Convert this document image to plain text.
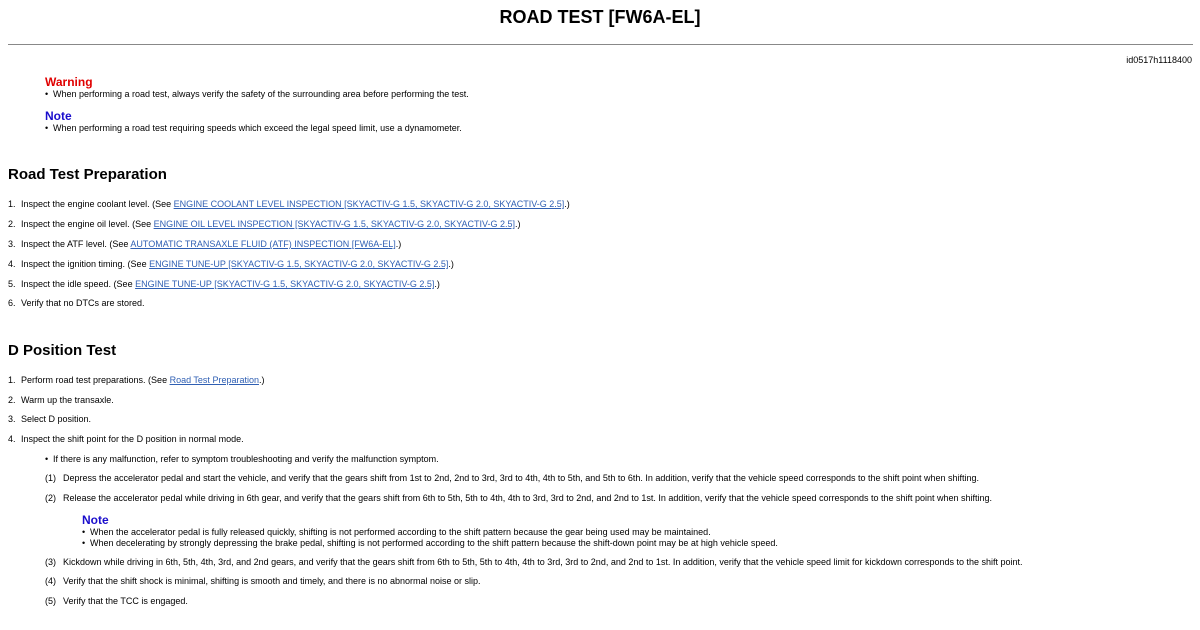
ROAD TEST [FW6A-EL]
id0517h1118400
Warning
• When performing a road test, always verify the safety of the surrounding area before performing the test.
Note
• When performing a road test requiring speeds which exceed the legal speed limit, use a dynamometer.
Road Test Preparation
1. Inspect the engine coolant level. (See ENGINE COOLANT LEVEL INSPECTION [SKYACTIV-G 1.5, SKYACTIV-G 2.0, SKYACTIV-G 2.5].)
2. Inspect the engine oil level. (See ENGINE OIL LEVEL INSPECTION [SKYACTIV-G 1.5, SKYACTIV-G 2.0, SKYACTIV-G 2.5].)
3. Inspect the ATF level. (See AUTOMATIC TRANSAXLE FLUID (ATF) INSPECTION [FW6A-EL].)
4. Inspect the ignition timing. (See ENGINE TUNE-UP [SKYACTIV-G 1.5, SKYACTIV-G 2.0, SKYACTIV-G 2.5].)
5. Inspect the idle speed. (See ENGINE TUNE-UP [SKYACTIV-G 1.5, SKYACTIV-G 2.0, SKYACTIV-G 2.5].)
6. Verify that no DTCs are stored.
D Position Test
1. Perform road test preparations. (See Road Test Preparation.)
2. Warm up the transaxle.
3. Select D position.
4. Inspect the shift point for the D position in normal mode.
• If there is any malfunction, refer to symptom troubleshooting and verify the malfunction symptom.
(1) Depress the accelerator pedal and start the vehicle, and verify that the gears shift from 1st to 2nd, 2nd to 3rd, 3rd to 4th, 4th to 5th, and 5th to 6th. In addition, verify that the vehicle speed corresponds to the shift point when shifting.
(2) Release the accelerator pedal while driving in 6th gear, and verify that the gears shift from 6th to 5th, 5th to 4th, 4th to 3rd, 3rd to 2nd, and 2nd to 1st. In addition, verify that the vehicle speed corresponds to the shift point when shifting.
Note
• When the accelerator pedal is fully released quickly, shifting is not performed according to the shift pattern because the gear being used may be maintained.
• When decelerating by strongly depressing the brake pedal, shifting is not performed according to the shift pattern because the shift-down point may be at high vehicle speed.
(3) Kickdown while driving in 6th, 5th, 4th, 3rd, and 2nd gears, and verify that the gears shift from 6th to 5th, 5th to 4th, 4th to 3rd, 3rd to 2nd, and 2nd to 1st. In addition, verify that the vehicle speed limit for kickdown corresponds to the shift point.
(4) Verify that the shift shock is minimal, shifting is smooth and timely, and there is no abnormal noise or slip.
(5) Verify that the TCC is engaged.
